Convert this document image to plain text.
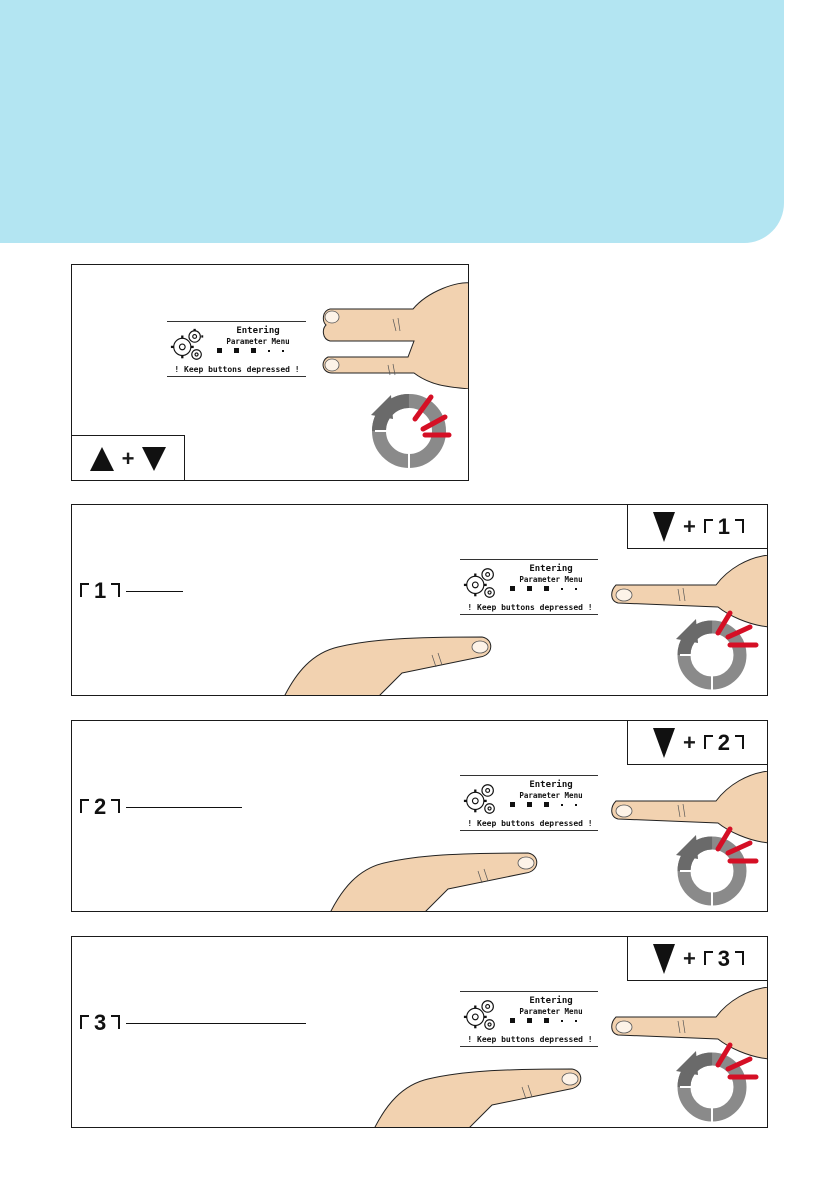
Entering
Parameter Menu
! Keep buttons depressed !
+
+	1
1
Entering
Parameter Menu
! Keep buttons depressed !
+	2
2
Entering
Parameter Menu
! Keep buttons depressed !
+	3
3
Entering
Parameter Menu
! Keep buttons depressed !
